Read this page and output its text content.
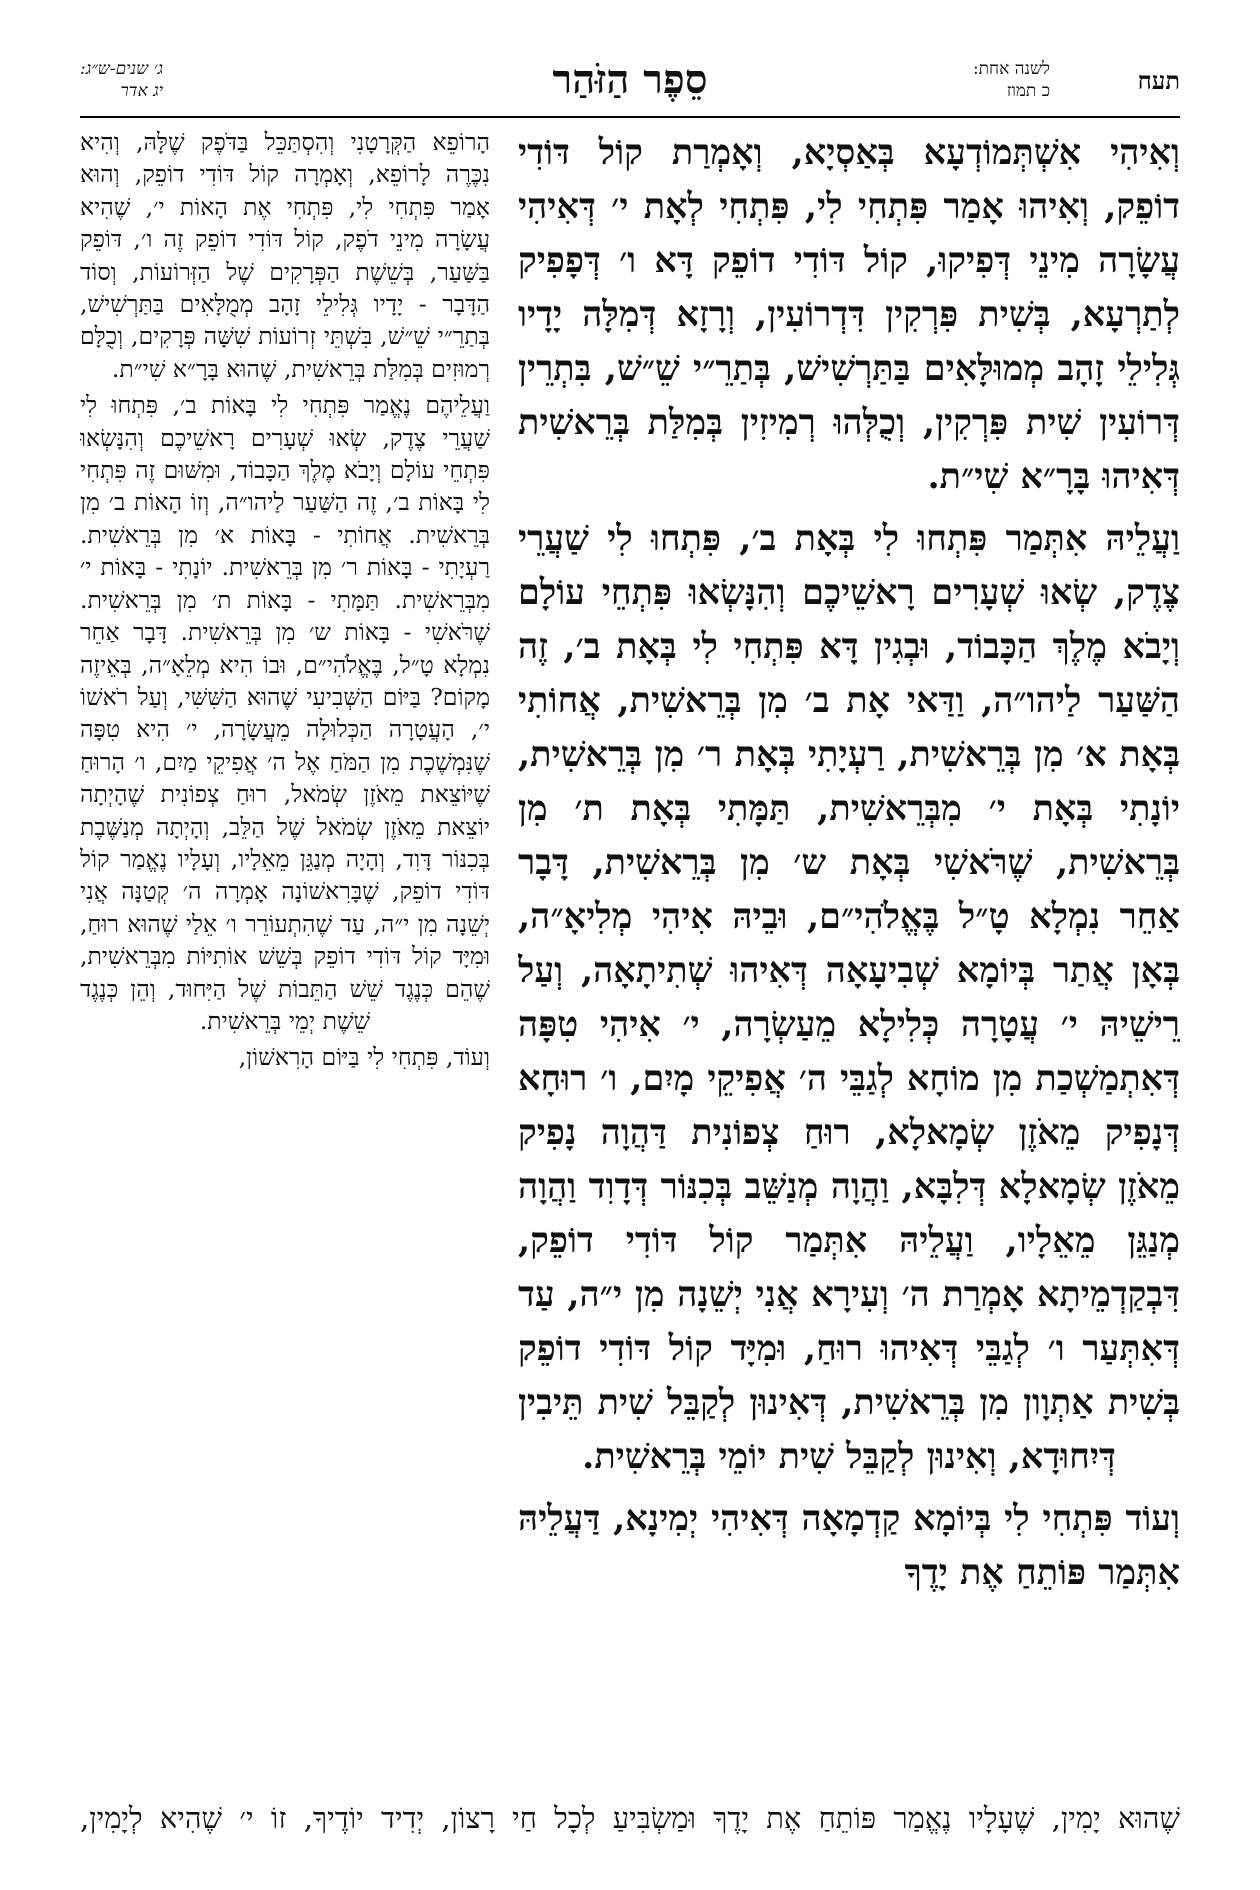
תעח
לשנה אחת:
כ תמוז
סֵפֶר הַזֹּהַר
ג׳ שנים-ש״ג:
יג אדר

וְאִיהִי אִשְׁתְּמוֹדְעָא בְּאַסְיָא, וְאָמְרַת קוֹל דּוֹדִי דוֹפֵק, וְאִיהוּ אָמַר פִּתְחִי לִי, פִּתְחִי לְאָת י׳ דְּאִיהִי עֲשָׂרָה מִינֵי דְּפִיקוּ, קוֹל דּוֹדִי דוֹפֵק דָּא ו׳ דְּפָפִיק לְתַרְעָא, בְּשִׁית פִּרְקִין דִּדְרוֹעִין, וְרָזָא דְּמִלָּה יָדָיו גְּלִילֵי זָהָב מְמוּלָּאִים בַּתַּרְשִׁישׁ, בְּתַרֵ״י שֵׁ״שׁ, בִּתְרֵין דְּרוֹעִין שִׁית פִּרְקִין, וְכֻלְּהוּ רְמִיזִין בְּמִלַּת בְּרֵאשִׁית דְּאִיהוּ בָּרָ״א שִׁי״ת.

וַעֲלֵיהּ אִתְּמַר פִּתְחוּ לִי בְּאָת ב׳, פִּתְחוּ לִי שַׁעֲרֵי צֶדֶק, שְׂאוּ שְׁעָרִים רָאשֵׁיכֶם וְהִנָּשְׂאוּ פִּתְחֵי עוֹלָם וְיָבֹא מֶלֶךְ הַכָּבוֹד, וּבְגִין דָּא פִּתְחִי לִי בְּאָת ב׳, זֶה הַשַּׁעַר לַיהו״ה, וַדַּאי אָת ב׳ מִן בְּרֵאשִׁית, אֲחוֹתִי בְּאָת א׳ מִן בְּרֵאשִׁית, רַעְיָתִי בְּאָת ר׳ מִן בְּרֵאשִׁית, יוֹנָתִי בְּאָת י׳ מִבְּרֵאשִׁית, תַּמָּתִי בְּאָת ת׳ מִן בְּרֵאשִׁית, שֶׁרֹּאשִׁי בְּאָת ש׳ מִן בְּרֵאשִׁית, דָּבָר אַחֵר נִמְלָא טָ״ל בֶּאֱלֹהִי״ם, וּבֵיהּ אִיהִי מְלִיאָ״ה, בְּאָן אֲתַר בְּיוֹמָא שְׁבִיעָאָה דְּאִיהוּ שְׁתִיתָאָה, וְעַל רֵישֵׁיהּ י׳ עֲטָרָה כְּלִילָא מֵעַשְׂרָה, י׳ אִיהִי טִפָּה דְּאִתְמַשְׁכַת מִן מוֹחָא לְגַבֵּי ה׳ אֲפִיקֵי מָיִם, ו׳ רוּחָא דְּנָפִיק מֵאֹזֶן שְׂמָאלָא, רוּחַ צְפוֹנִית דַּהֲוָה נָפִיק מֵאֹזֶן שְׂמָאלָא דְּלִבָּא, וַהֲוָה מְנַשֵּׁב בְּכִנּוֹר דְּדָוִד וַהֲוָה מְנַגֵּן מֵאֵלָיו, וַעֲלֵיהּ אִתְּמַר קוֹל דּוֹדִי דוֹפֵק, דִּבְקַדְמֵיתָא אָמְרַת ה׳ וְעִירָא אֲנִי יְשֵׁנָה מִן י״ה, עַד דְּאִתְּעַר ו׳ לְגַבֵּי דְּאִיהוּ רוּחַ, וּמִיָּד קוֹל דּוֹדִי דוֹפֵק בְּשִׁית אַתְוָון מִן בְּרֵאשִׁית, דְּאִינוּן לְקַבֵּל שִׁית תֵּיבִין דְּיִחוּדָא, וְאִינוּן לְקַבֵּל שִׁית יוֹמֵי בְּרֵאשִׁית.

וְעוֹד פִּתְחִי לִי בְּיוֹמָא קַדְמָאָה דְּאִיהִי יְמִינָא, דַּעֲלֵיהּ אִתְּמַר פּוֹתֵחַ אֶת יָדֶךָ

הָרוֹפֵא הַקְּרָטָנִי וְהִסְתַּכֵּל בַּדֹּפֶק שֶׁלָּהּ, וְהִיא נִכֶּרֶה לָרוֹפֵא, וְאָמְרָה קוֹל דּוֹדִי דוֹפֵק, וְהוּא אָמַר פִּתְחִי לִי, פִּתְחִי אֶת הָאוֹת י׳, שֶׁהִיא עֲשָׂרָה מִינֵי דֹפֶק, קוֹל דּוֹדִי דוֹפֵק זֶה ו׳, דּוֹפֵק בַּשַּׁעַר, בְּשֵׁשֶׁת הַפְּרָקִים שֶׁל הַזְּרוֹעוֹת, וְסוֹד הַדָּבָר - יָדָיו גְּלִילֵי זָהָב מְמֻלָּאִים בַּתַּרְשִׁישׁ, בְּתַרֵ״י שֵׁ״שׁ, בִּשְׁתֵּי זְרוֹעוֹת שִׁשָּׁה פְּרָקִים, וְכֻלָּם רְמוּזִים בְּמִלַּת בְּרֵאשִׁית, שֶׁהוּא בָּרָ״א שִׁי״ת.

וַעֲלֵיהֶם נֶאֱמַר פִּתְחִי לִי בָּאוֹת ב׳, פִּתְחוּ לִי שַׁעֲרֵי צֶדֶק, שְׂאוּ שְׁעָרִים רָאשֵׁיכֶם וְהִנָּשְׂאוּ פִּתְחֵי עוֹלָם וְיָבֹא מֶלֶךְ הַכָּבוֹד, וּמִשּׁוּם זֶה פִּתְחִי לִי בָּאוֹת ב׳, זֶה הַשַּׁעַר לַיהו״ה, וְזוֹ הָאוֹת ב׳ מִן בְּרֵאשִׁית. אֲחוֹתִי - בָּאוֹת א׳ מִן בְּרֵאשִׁית. רַעְיָתִי - בָּאוֹת ר׳ מִן בְּרֵאשִׁית. יוֹנָתִי - בָּאוֹת י׳ מִבְּרֵאשִׁית. תַּמָּתִי - בָּאוֹת ת׳ מִן בְּרֵאשִׁית. שֶׁרֹּאשִׁי - בָּאוֹת ש׳ מִן בְּרֵאשִׁית. דָּבָר אַחֵר נִמְלָא טָ״ל, בֶּאֱלֹהִי״ם, וּבוֹ הִיא מְלֵאָ״ה, בְּאֵיזֶה מָקוֹם? בַּיּוֹם הַשְּׁבִיעִי שֶׁהוּא הַשִּׁשִּׁי, וְעַל רֹאשׁוֹ י׳, הָעֲטָרָה הַכְּלוּלָה מֵעֲשָׂרָה, י׳ הִיא טִפָּה שֶׁנִּמְשֶׁכֶת מִן הַמֹּחַ אֶל ה׳ אֲפִיקֵי מַיִם, ו׳ הָרוּחַ שֶׁיּוֹצֵאת מֵאֹזֶן שְׂמֹאל, רוּחַ צְפוֹנִית שֶׁהָיְתָה יוֹצֵאת מֵאֹזֶן שְׂמֹאל שֶׁל הַלֵּב, וְהָיְתָה מְנַשֶּׁבֶת בְּכִנּוֹר דָּוִד, וְהָיָה מְנַגֵּן מֵאֵלָיו, וְעָלָיו נֶאֱמַר קוֹל דּוֹדִי דוֹפֵק, שֶׁבָּרִאשׁוֹנָה אָמְרָה ה׳ קְטַנָּה אֲנִי יְשֵׁנָה מִן י״ה, עַד שֶׁהִתְעוֹרֵר ו׳ אֵלַי שֶׁהוּא רוּחַ, וּמִיָּד קוֹל דּוֹדִי דוֹפֵק בְּשֵׁשׁ אוֹתִיּוֹת מִבְּרֵאשִׁית, שֶׁהֵם כְּנֶגֶד שֵׁשׁ הַתֵּבוֹת שֶׁל הַיִּחוּד, וְהֵן כְּנֶגֶד שֵׁשֶׁת יְמֵי בְּרֵאשִׁית.

וְעוֹד, פִּתְחִי לִי בַּיּוֹם הָרִאשׁוֹן,

שֶׁהוּא יָמִין, שֶׁעָלָיו נֶאֱמַר פּוֹתֵחַ אֶת יָדֶךָ וּמַשְׂבִּיעַ לְכָל חַי רָצוֹן, יְדִיד יוֹדֶיךָ, זוֹ י׳ שֶׁהִיא לְיָמִין,
